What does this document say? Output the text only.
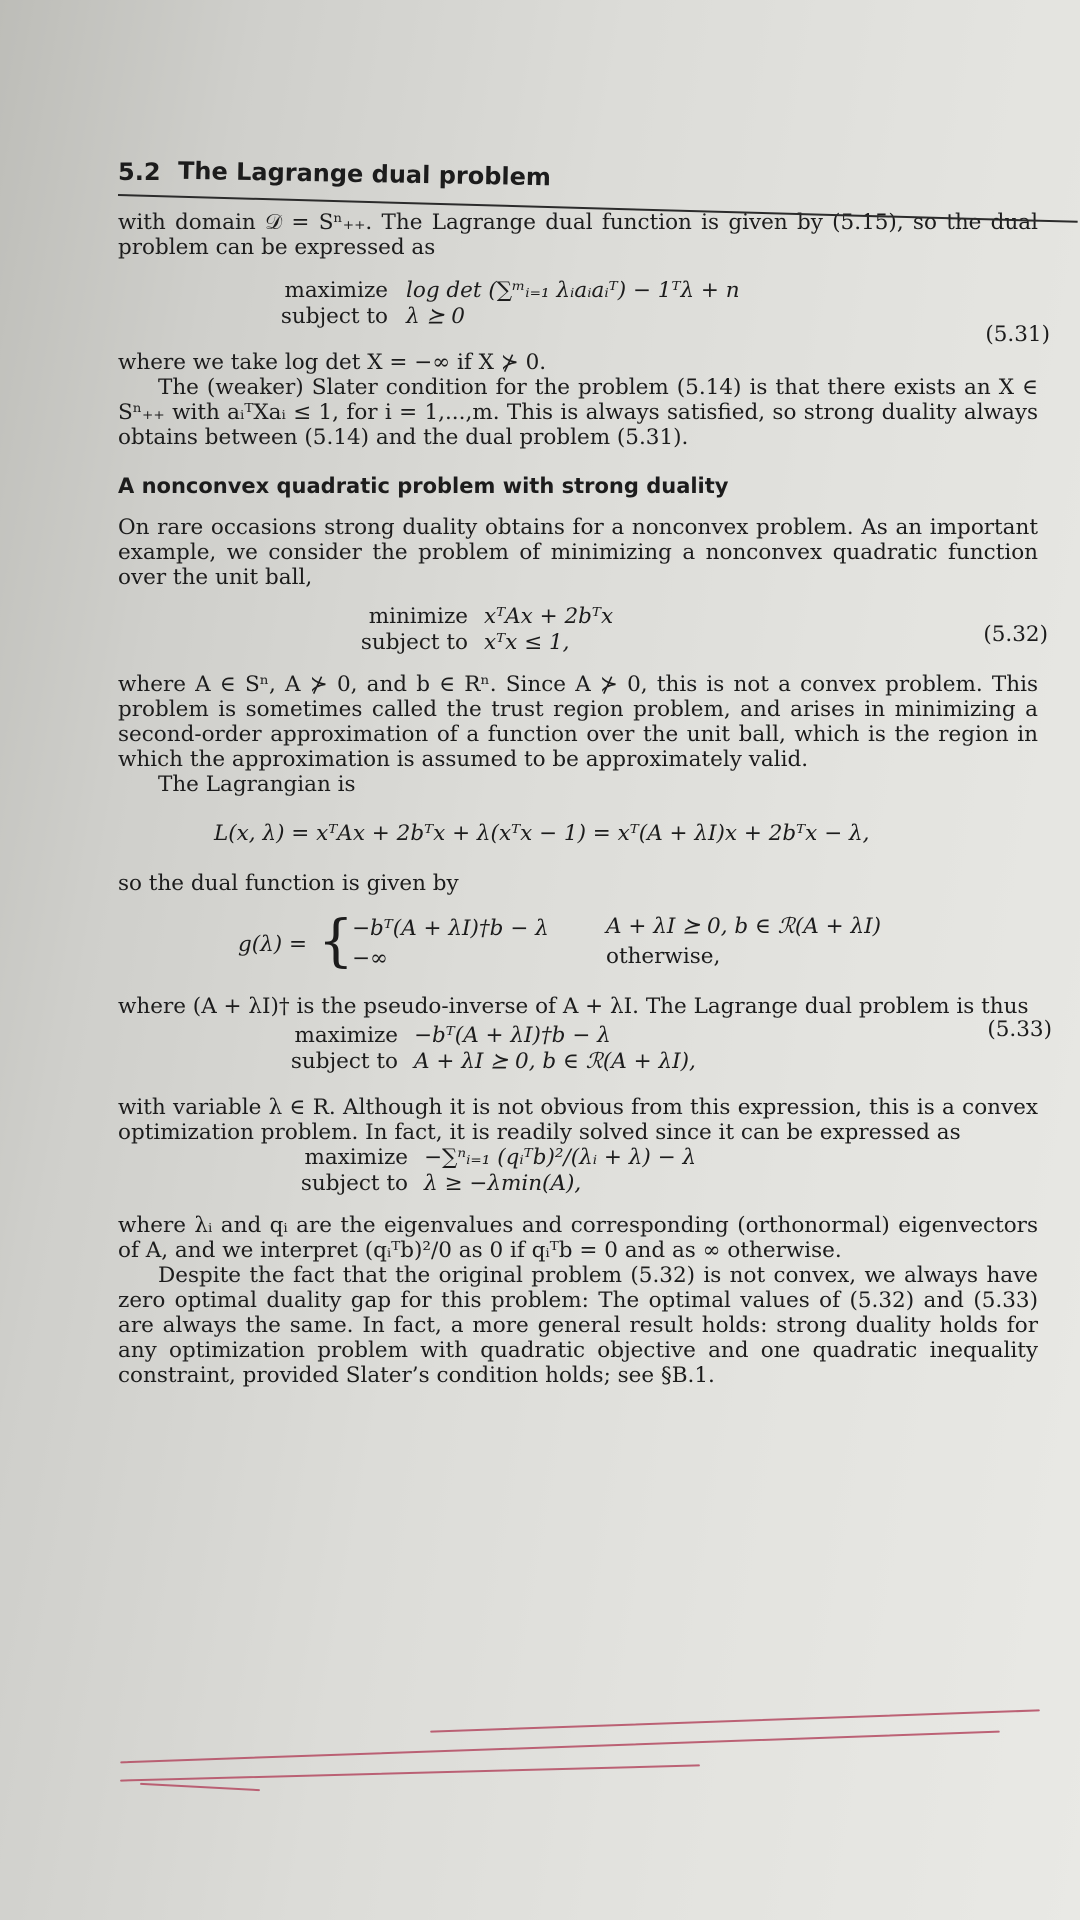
5.2 The Lagrange dual problem

with domain 𝒟 = Sⁿ₊₊. The Lagrange dual function is given by (5.15), so the dual problem can be expressed as

maximize log det (∑ᵐᵢ₌₁ λᵢaᵢaᵢᵀ) − 1ᵀλ + n
subject to λ ⪰ 0
(5.31)

where we take log det X = −∞ if X ⊁ 0.

The (weaker) Slater condition for the problem (5.14) is that there exists an X ∈ Sⁿ₊₊ with aᵢᵀXaᵢ ≤ 1, for i = 1,...,m. This is always satisfied, so strong duality always obtains between (5.14) and the dual problem (5.31).

A nonconvex quadratic problem with strong duality

On rare occasions strong duality obtains for a nonconvex problem. As an important example, we consider the problem of minimizing a nonconvex quadratic function over the unit ball,

minimize xᵀAx + 2bᵀx
subject to xᵀx ≤ 1,	(5.32)

where A ∈ Sⁿ, A ⊁ 0, and b ∈ Rⁿ. Since A ⊁ 0, this is not a convex problem. This problem is sometimes called the trust region problem, and arises in minimizing a second-order approximation of a function over the unit ball, which is the region in which the approximation is assumed to be approximately valid.

The Lagrangian is

L(x, λ) = xᵀAx + 2bᵀx + λ(xᵀx − 1) = xᵀ(A + λI)x + 2bᵀx − λ,

so the dual function is given by

g(λ) = {
−bᵀ(A + λI)†b − λ	A + λI ⪰ 0, b ∈ ℛ(A + λI)
−∞	otherwise,

where (A + λI)† is the pseudo-inverse of A + λI. The Lagrange dual problem is thus

maximize −bᵀ(A + λI)†b − λ
subject to A + λI ⪰ 0, b ∈ ℛ(A + λI),
(5.33)

with variable λ ∈ R. Although it is not obvious from this expression, this is a convex optimization problem. In fact, it is readily solved since it can be expressed as

maximize −∑ⁿᵢ₌₁ (qᵢᵀb)²/(λᵢ + λ) − λ
subject to λ ≥ −λmin(A),

where λᵢ and qᵢ are the eigenvalues and corresponding (orthonormal) eigenvectors of A, and we interpret (qᵢᵀb)²/0 as 0 if qᵢᵀb = 0 and as ∞ otherwise.

Despite the fact that the original problem (5.32) is not convex, we always have zero optimal duality gap for this problem: The optimal values of (5.32) and (5.33) are always the same. In fact, a more general result holds: strong duality holds for any optimization problem with quadratic objective and one quadratic inequality constraint, provided Slater’s condition holds; see §B.1.
